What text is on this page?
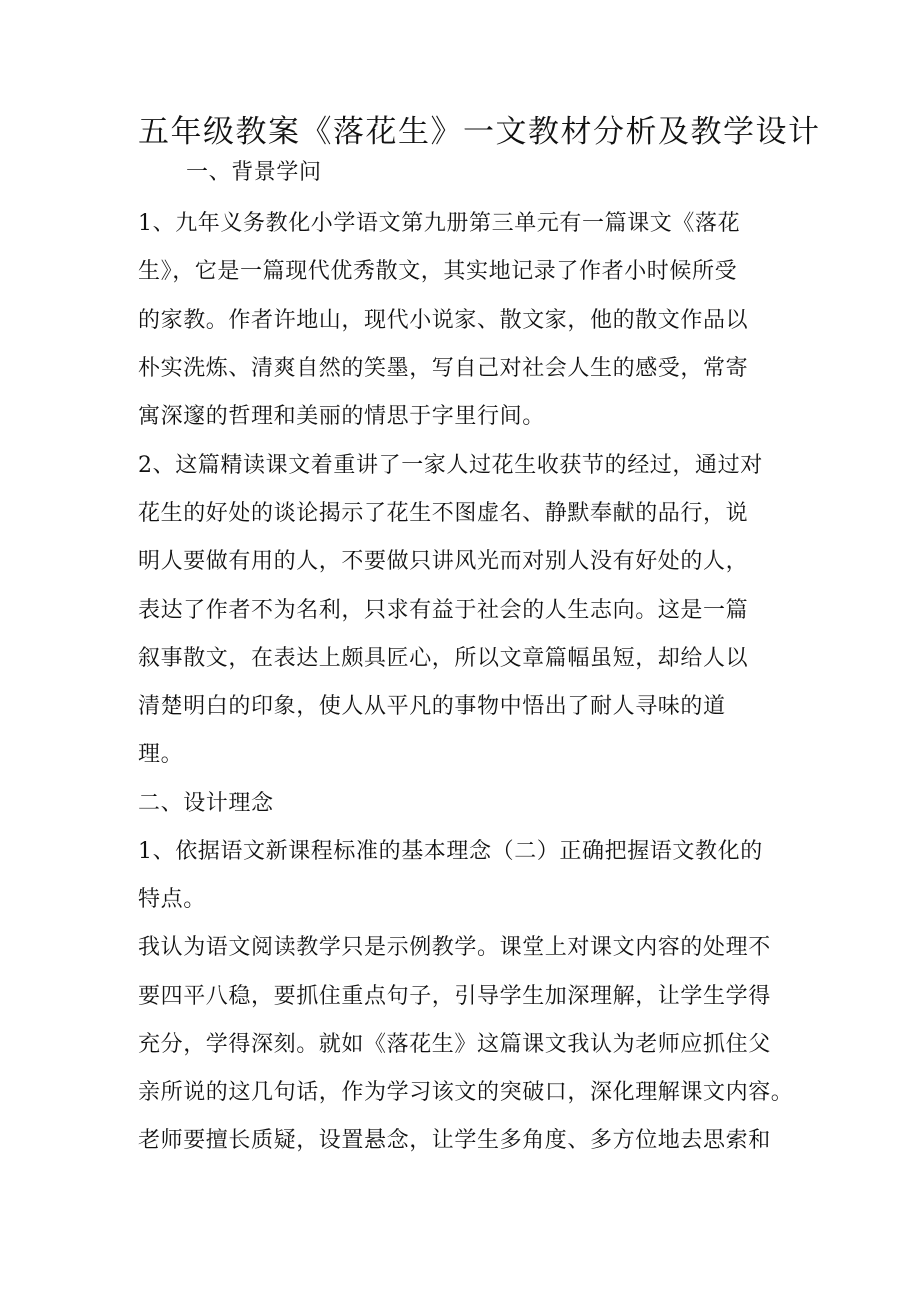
五年级教案《落花生》一文教材分析及教学设计
一、背景学问
1、九年义务教化小学语文第九册第三单元有一篇课文《落花
生》，它是一篇现代优秀散文，其实地记录了作者小时候所受
的家教。作者许地山，现代小说家、散文家，他的散文作品以
朴实洗炼、清爽自然的笑墨，写自己对社会人生的感受，常寄
寓深邃的哲理和美丽的情思于字里行间。
2、这篇精读课文着重讲了一家人过花生收获节的经过，通过对
花生的好处的谈论揭示了花生不图虚名、静默奉献的品行，说
明人要做有用的人，不要做只讲风光而对别人没有好处的人，
表达了作者不为名利，只求有益于社会的人生志向。这是一篇
叙事散文，在表达上颇具匠心，所以文章篇幅虽短，却给人以
清楚明白的印象，使人从平凡的事物中悟出了耐人寻味的道
理。
二、设计理念
1、依据语文新课程标准的基本理念（二）正确把握语文教化的
特点。
我认为语文阅读教学只是示例教学。课堂上对课文内容的处理不
要四平八稳，要抓住重点句子，引导学生加深理解，让学生学得
充分，学得深刻。就如《落花生》这篇课文我认为老师应抓住父
亲所说的这几句话，作为学习该文的突破口，深化理解课文内容。
老师要擅长质疑，设置悬念，让学生多角度、多方位地去思索和
